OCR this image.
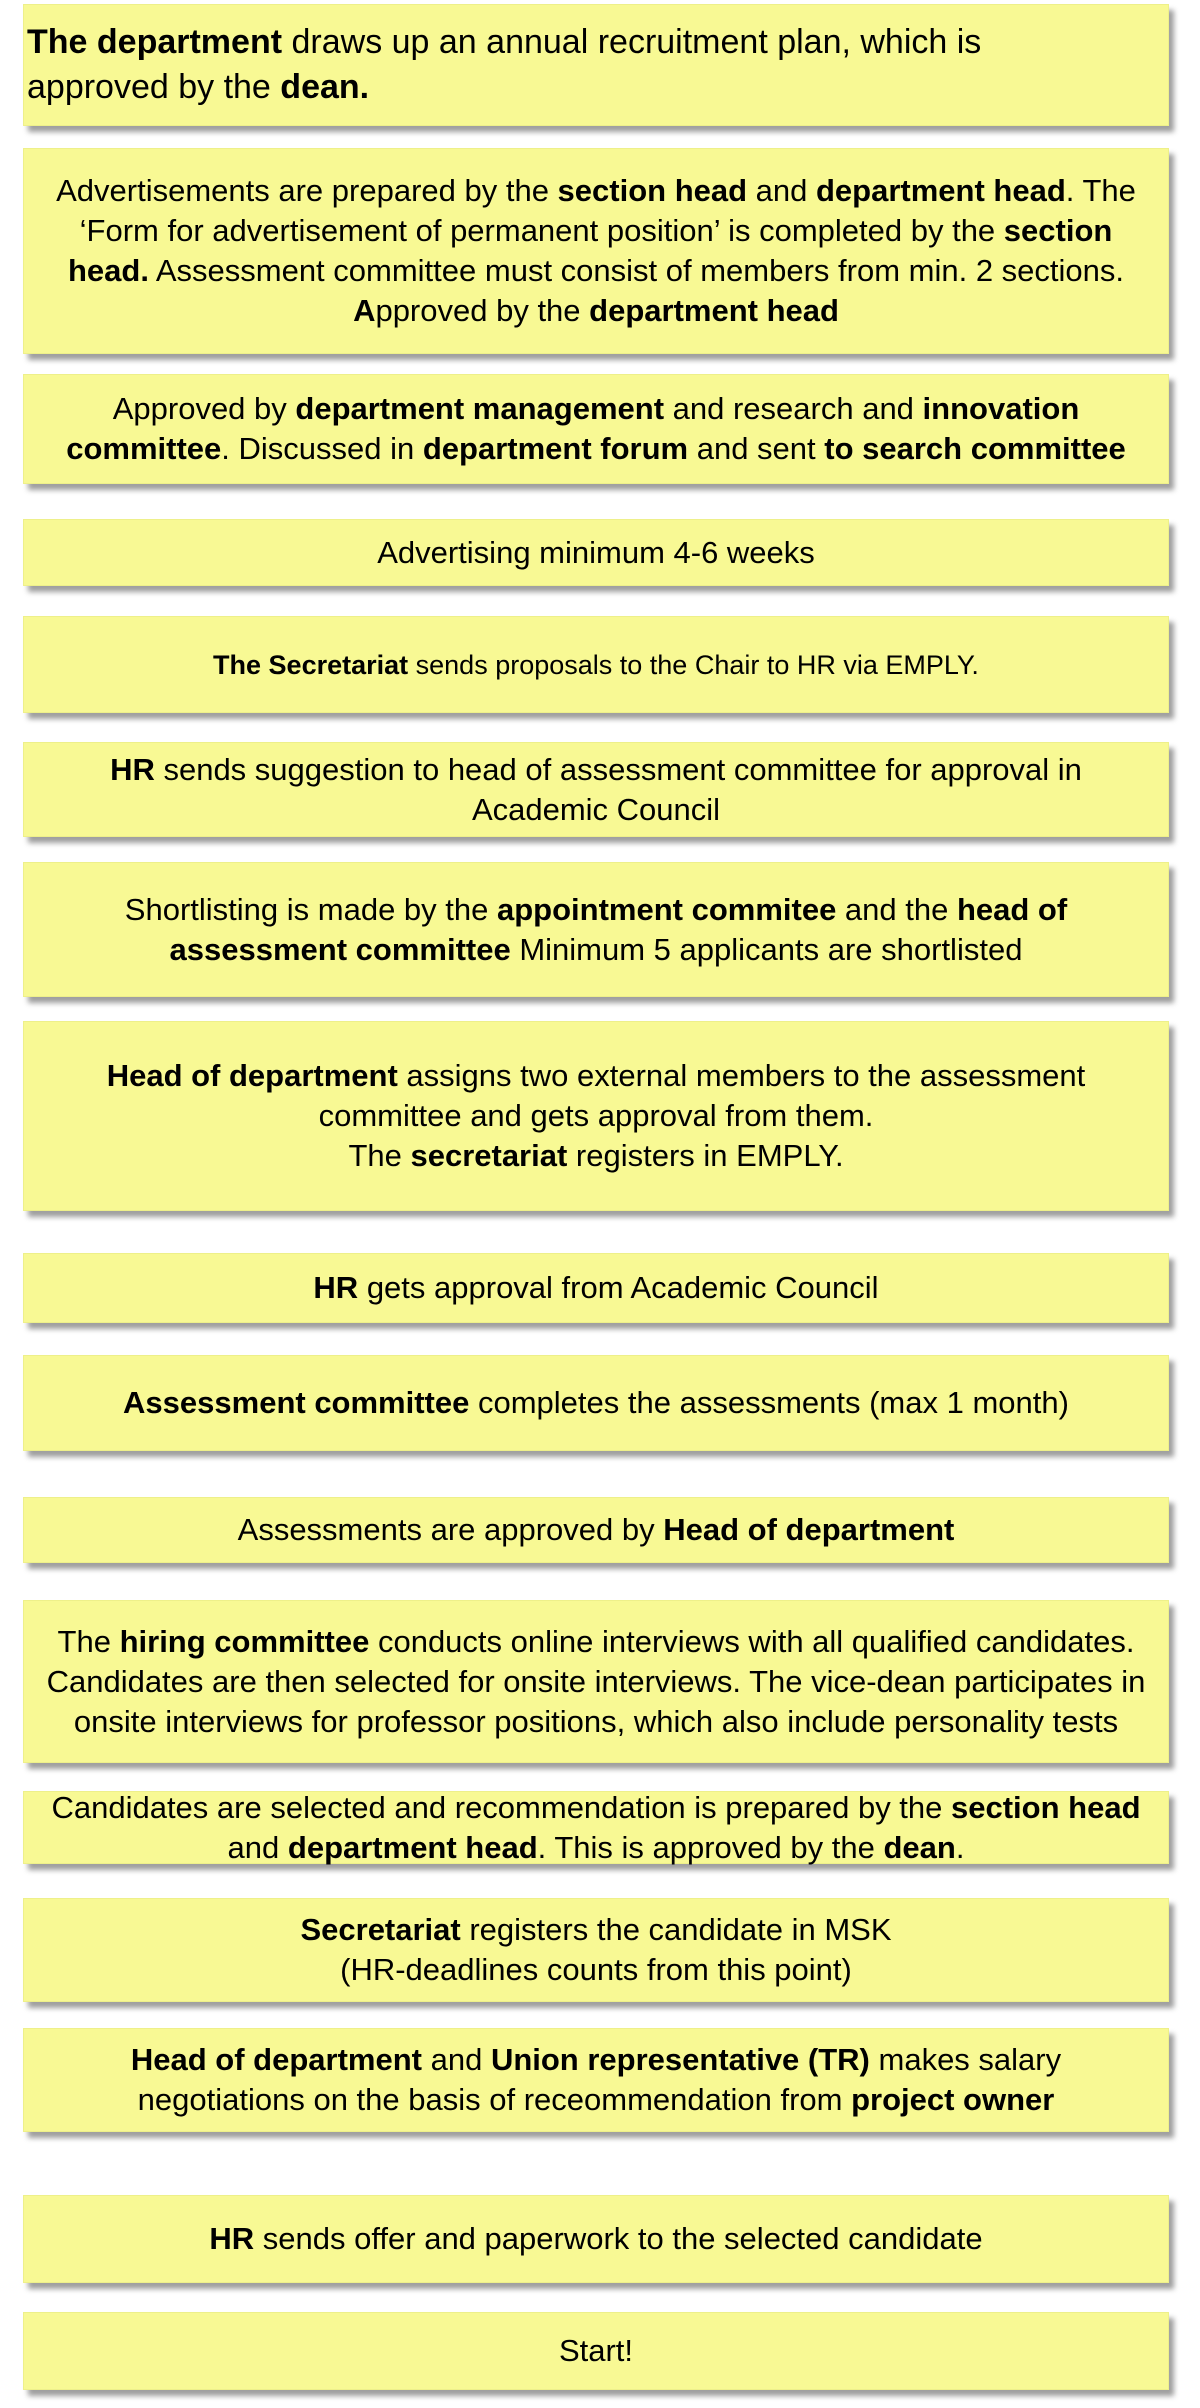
The department draws up an annual recruitment plan, which is approved by the dean.

Advertisements are prepared by the section head and department head. The ‘Form for advertisement of permanent position’ is completed by the section head. Assessment committee must consist of members from min. 2 sections.
Approved by the department head

Approved by department management and research and innovation committee. Discussed in department forum and sent to search committee

Advertising minimum 4-6 weeks

The Secretariat sends proposals to the Chair to HR via EMPLY.

HR sends suggestion to head of assessment committee for approval in Academic Council

Shortlisting is made by the appointment commitee and the head of assessment committee Minimum 5 applicants are shortlisted

Head of department assigns two external members to the assessment committee and gets approval from them.
The secretariat registers in EMPLY.

HR gets approval from Academic Council

Assessment committee completes the assessments (max 1 month)

Assessments are approved by Head of department

The hiring committee conducts online interviews with all qualified candidates. Candidates are then selected for onsite interviews. The vice-dean participates in onsite interviews for professor positions, which also include personality tests

Candidates are selected and recommendation is prepared by the section head and department head. This is approved by the dean.

Secretariat registers the candidate in MSK
(HR-deadlines counts from this point)

Head of department and Union representative (TR) makes salary negotiations on the basis of receommendation from project owner

HR sends offer and paperwork to the selected candidate

Start!
